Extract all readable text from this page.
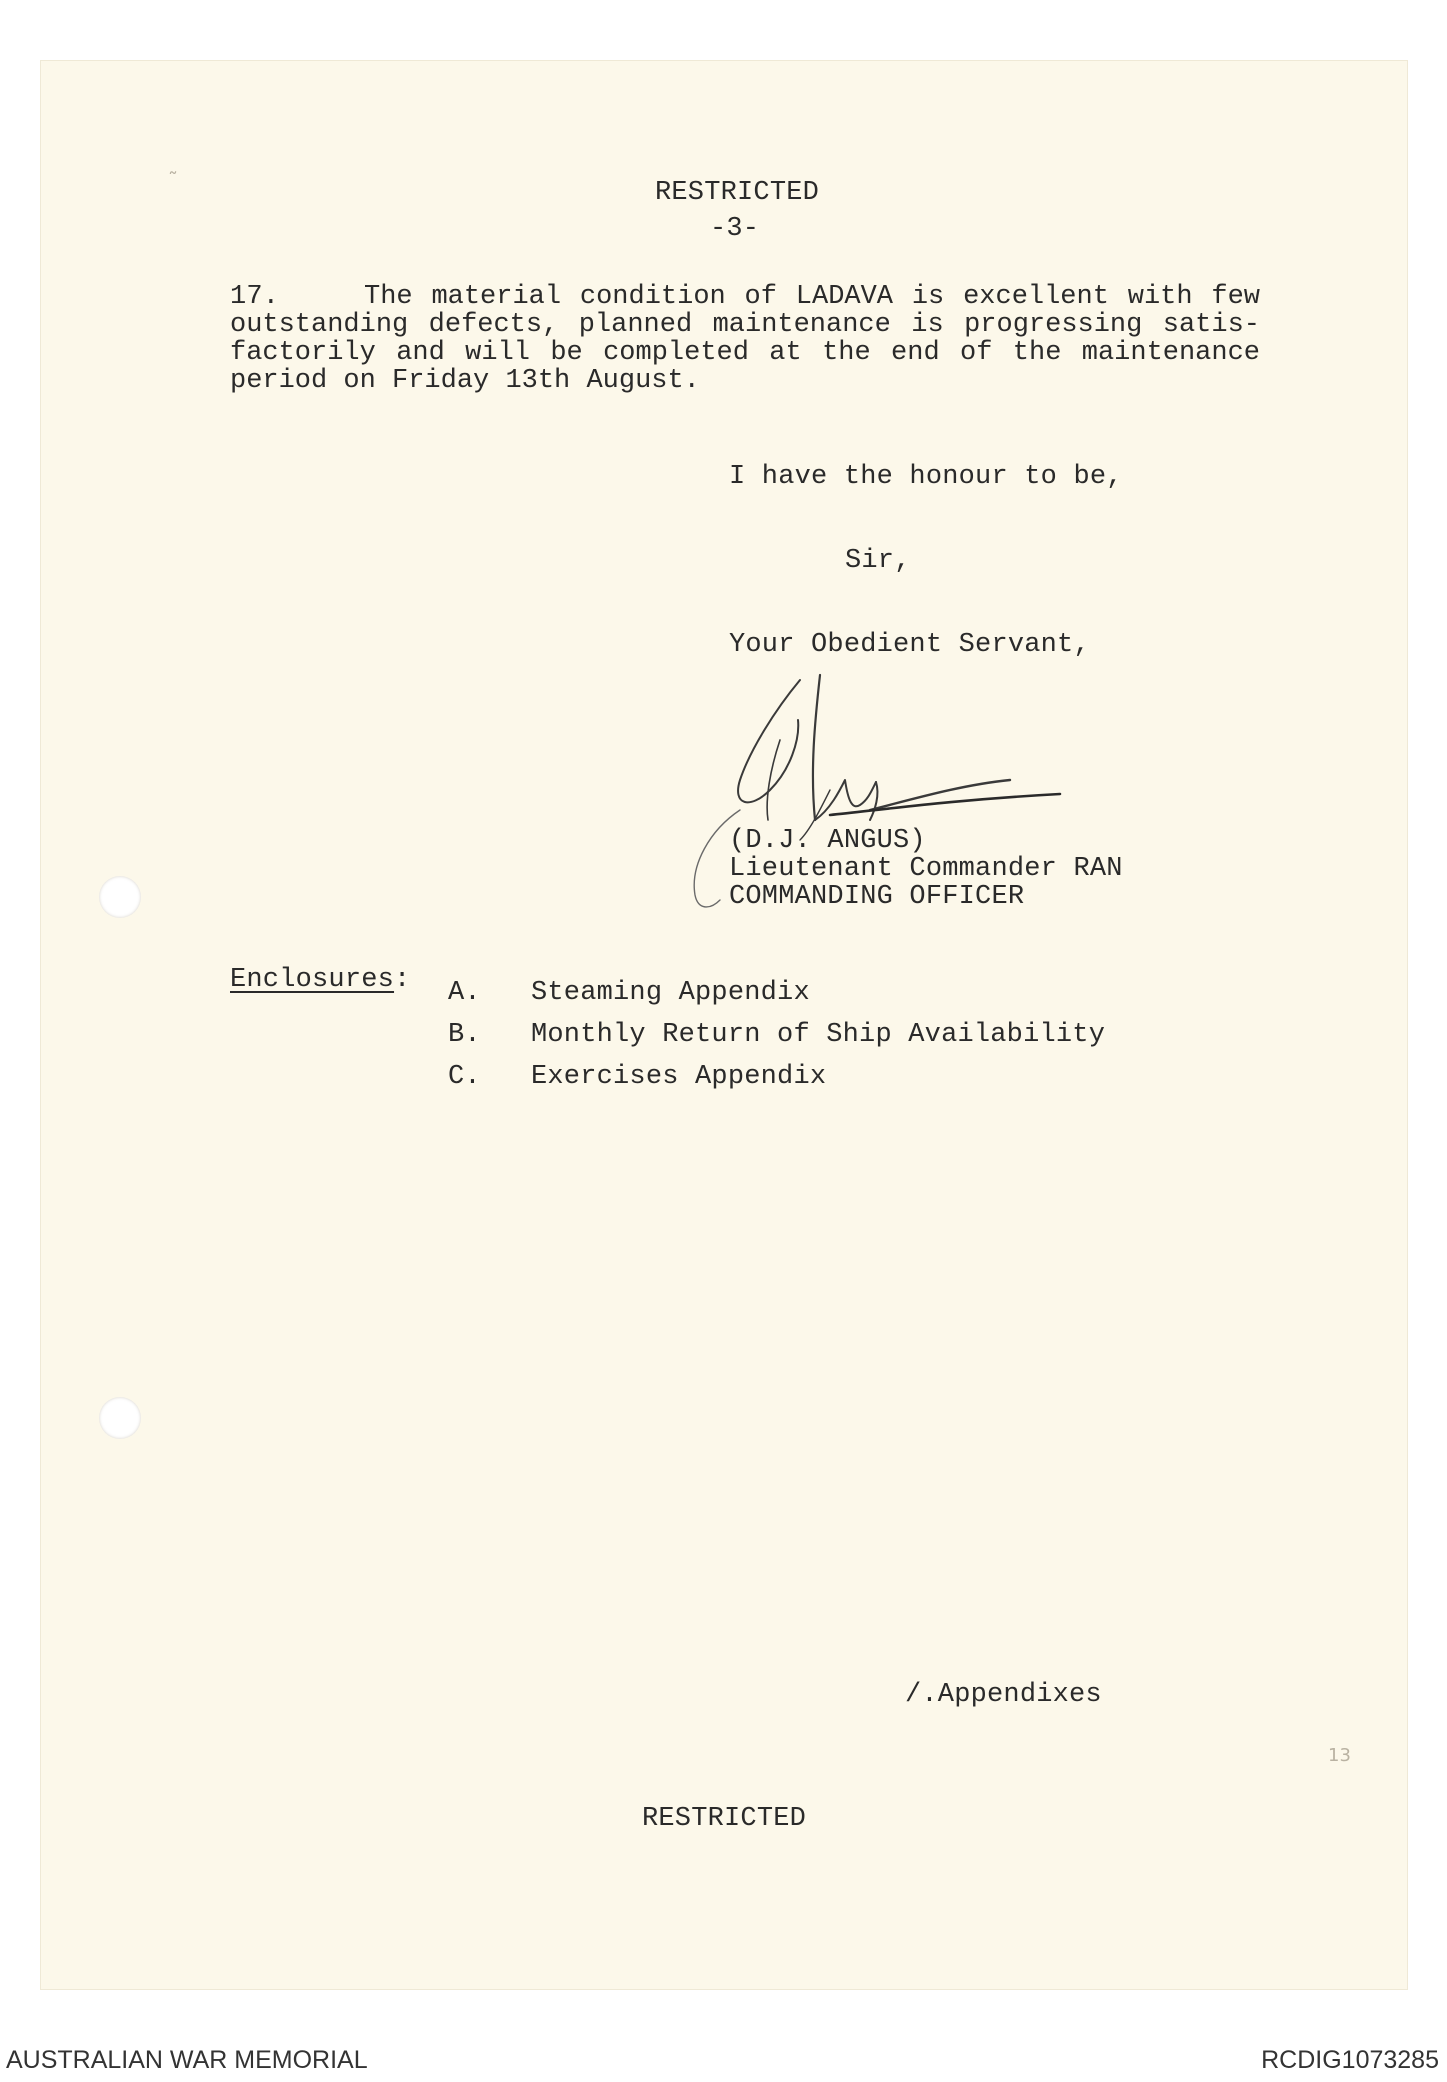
˜
13
RESTRICTED
-3-
17.	The material condition of LADAVA is excellent with few
outstanding defects, planned maintenance is progressing satis-
factorily and will be completed at the end of the maintenance
period on Friday 13th August.
I have the honour to be,
Sir,
Your Obedient Servant,
(D.J. ANGUS)
Lieutenant Commander RAN
COMMANDING OFFICER
Enclosures: A. Steaming Appendix
B. Monthly Return of Ship Availability
C. Exercises Appendix
/.Appendixes
RESTRICTED
AUSTRALIAN WAR MEMORIAL	RCDIG1073285
